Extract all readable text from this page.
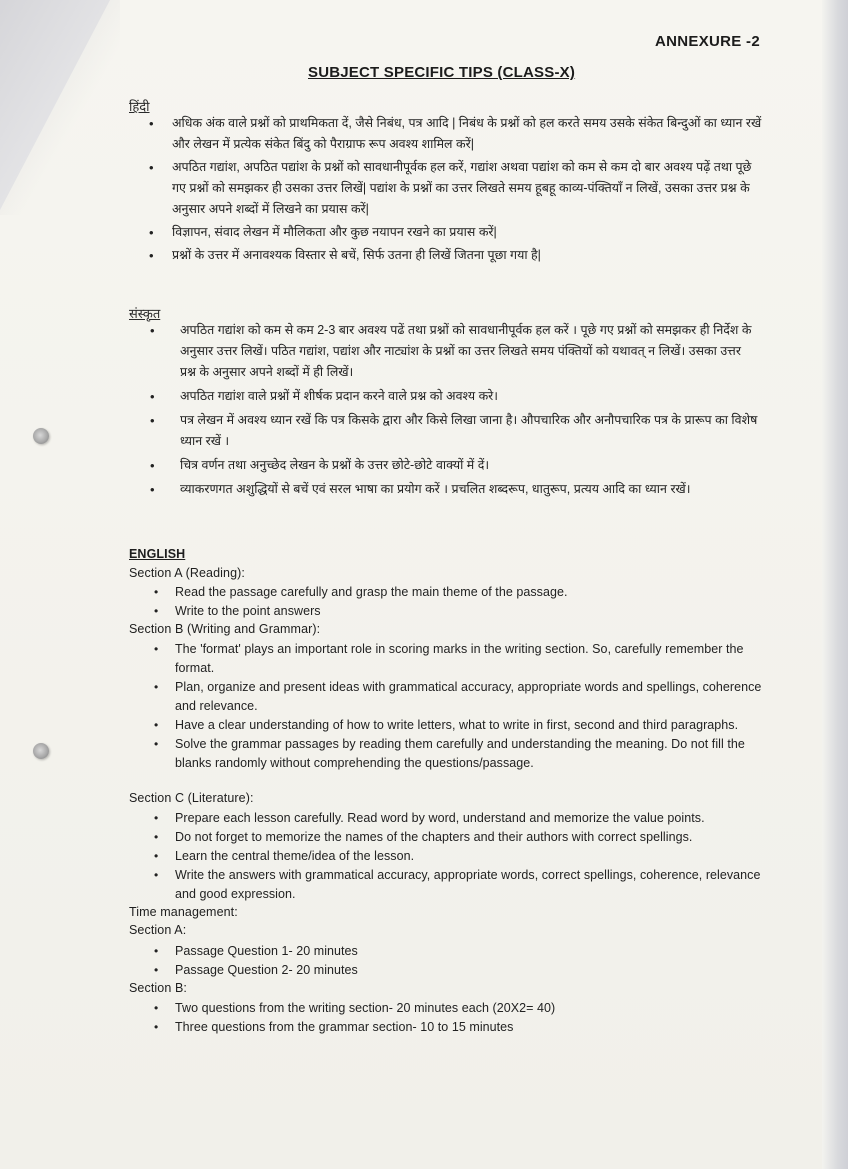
ANNEXURE -2
SUBJECT SPECIFIC TIPS (CLASS-X)
हिंदी
• अधिक अंक वाले प्रश्नों को प्राथमिकता दें, जैसे निबंध, पत्र आदि | निबंध के प्रश्नों को हल करते समय उसके संकेत बिन्दुओं का ध्यान रखें और लेखन में प्रत्येक संकेत बिंदु को पैराग्राफ रूप अवश्य शामिल करें|
• अपठित गद्यांश, अपठित पद्यांश के प्रश्नों को सावधानीपूर्वक हल करें, गद्यांश अथवा पद्यांश को कम से कम दो बार अवश्य पढ़ें तथा पूछे गए प्रश्नों को समझकर ही उसका उत्तर लिखें| पद्यांश के प्रश्नों का उत्तर लिखते समय हूबहू काव्य-पंक्तियाँ न लिखें, उसका उत्तर प्रश्न के अनुसार अपने शब्दों में लिखने का प्रयास करें|
• विज्ञापन, संवाद लेखन में मौलिकता और कुछ नयापन रखने का प्रयास करें|
• प्रश्नों के उत्तर में अनावश्यक विस्तार से बचें, सिर्फ उतना ही लिखें जितना पूछा गया है|
संस्कृत
• अपठित गद्यांश को कम से कम 2-3 बार अवश्य पढें तथा प्रश्नों को सावधानीपूर्वक हल करें । पूछे गए प्रश्नों को समझकर ही निर्देश के अनुसार उत्तर लिखें। पठित गद्यांश, पद्यांश और नाट्यांश के प्रश्नों का उत्तर लिखते समय पंक्तियों को यथावत् न लिखें। उसका उत्तर प्रश्न के अनुसार अपने शब्दों में ही लिखें।
• अपठित गद्यांश वाले प्रश्नों में शीर्षक प्रदान करने वाले प्रश्न को अवश्य करे।
• पत्र लेखन में अवश्य ध्यान रखें कि पत्र किसके द्वारा और किसे लिखा जाना है। औपचारिक और अनौपचारिक पत्र के प्रारूप का विशेष ध्यान रखें ।
• चित्र वर्णन तथा अनुच्छेद लेखन के प्रश्नों के उत्तर छोटे-छोटे वाक्यों में दें।
• व्याकरणगत अशुद्धियों से बचें एवं सरल भाषा का प्रयोग करें । प्रचलित शब्दरूप, धातुरूप, प्रत्यय आदि का ध्यान रखें।
ENGLISH
Section A (Reading):
• Read the passage carefully and grasp the main theme of the passage.
• Write to the point answers
Section B (Writing and Grammar):
• The 'format' plays an important role in scoring marks in the writing section. So, carefully remember the format.
• Plan, organize and present ideas with grammatical accuracy, appropriate words and spellings, coherence and relevance.
• Have a clear understanding of how to write letters, what to write in first, second and third paragraphs.
• Solve the grammar passages by reading them carefully and understanding the meaning. Do not fill the blanks randomly without comprehending the questions/passage.
Section C (Literature):
• Prepare each lesson carefully. Read word by word, understand and memorize the value points.
• Do not forget to memorize the names of the chapters and their authors with correct spellings.
• Learn the central theme/idea of the lesson.
• Write the answers with grammatical accuracy, appropriate words, correct spellings, coherence, relevance and good expression.
Time management:
Section A:
• Passage Question 1- 20 minutes
• Passage Question 2- 20 minutes
Section B:
• Two questions from the writing section- 20 minutes each (20X2= 40)
• Three questions from the grammar section- 10 to 15 minutes
